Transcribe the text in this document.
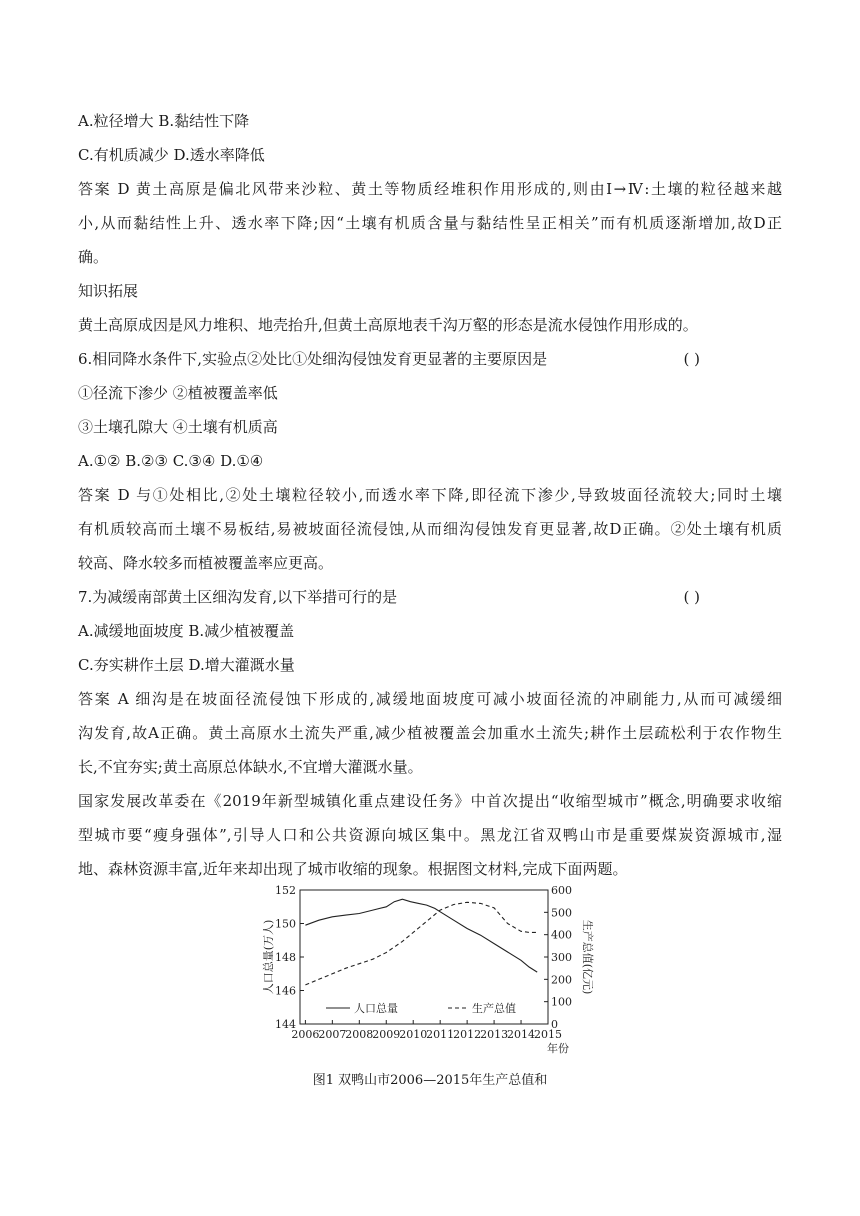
A.粒径增大 B.黏结性下降
C.有机质减少 D.透水率降低
答案 D 黄土高原是偏北风带来沙粒、黄土等物质经堆积作用形成的,则由Ⅰ→Ⅳ:土壤的粒径越来越
小,从而黏结性上升、透水率下降;因“土壤有机质含量与黏结性呈正相关”而有机质逐渐增加,故D正
确。
知识拓展
黄土高原成因是风力堆积、地壳抬升,但黄土高原地表千沟万壑的形态是流水侵蚀作用形成的。
6.相同降水条件下,实验点②处比①处细沟侵蚀发育更显著的主要原因是	( )
①径流下渗少 ②植被覆盖率低
③土壤孔隙大 ④土壤有机质高
A.①② B.②③ C.③④ D.①④
答案 D 与①处相比,②处土壤粒径较小,而透水率下降,即径流下渗少,导致坡面径流较大;同时土壤
有机质较高而土壤不易板结,易被坡面径流侵蚀,从而细沟侵蚀发育更显著,故D正确。②处土壤有机质
较高、降水较多而植被覆盖率应更高。
7.为减缓南部黄土区细沟发育,以下举措可行的是	( )
A.减缓地面坡度 B.减少植被覆盖
C.夯实耕作土层 D.增大灌溉水量
答案 A 细沟是在坡面径流侵蚀下形成的,减缓地面坡度可减小坡面径流的冲刷能力,从而可减缓细
沟发育,故A正确。黄土高原水土流失严重,减少植被覆盖会加重水土流失;耕作土层疏松利于农作物生
长,不宜夯实;黄土高原总体缺水,不宜增大灌溉水量。
国家发展改革委在《2019年新型城镇化重点建设任务》中首次提出“收缩型城市”概念,明确要求收缩
型城市要“瘦身强体”,引导人口和公共资源向城区集中。黑龙江省双鸭山市是重要煤炭资源城市,湿
地、森林资源丰富,近年来却出现了城市收缩的现象。根据图文材料,完成下面两题。
144
146
148
150
152
0
100
200
300
400
500
600
2006
2007
2008
2009
2010
2011
2012
2013
2014
2015
年份
人口总量(万人)	生产总值(亿元)
人口总量	生产总值
图1 双鸭山市2006—2015年生产总值和
